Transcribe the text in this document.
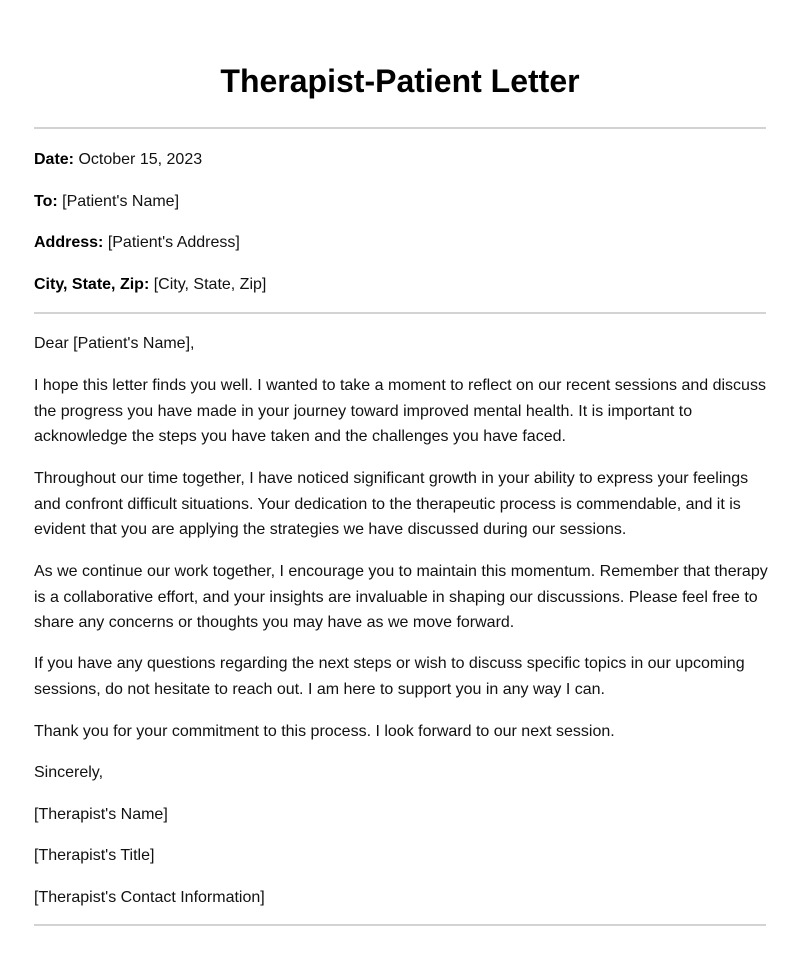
Therapist-Patient Letter

Date: October 15, 2023

To: [Patient's Name]

Address: [Patient's Address]

City, State, Zip: [City, State, Zip]

Dear [Patient's Name],

I hope this letter finds you well. I wanted to take a moment to reflect on our recent sessions and discuss the progress you have made in your journey toward improved mental health. It is important to acknowledge the steps you have taken and the challenges you have faced.

Throughout our time together, I have noticed significant growth in your ability to express your feelings and confront difficult situations. Your dedication to the therapeutic process is commendable, and it is evident that you are applying the strategies we have discussed during our sessions.

As we continue our work together, I encourage you to maintain this momentum. Remember that therapy is a collaborative effort, and your insights are invaluable in shaping our discussions. Please feel free to share any concerns or thoughts you may have as we move forward.

If you have any questions regarding the next steps or wish to discuss specific topics in our upcoming sessions, do not hesitate to reach out. I am here to support you in any way I can.

Thank you for your commitment to this process. I look forward to our next session.

Sincerely,

[Therapist's Name]

[Therapist's Title]

[Therapist's Contact Information]
